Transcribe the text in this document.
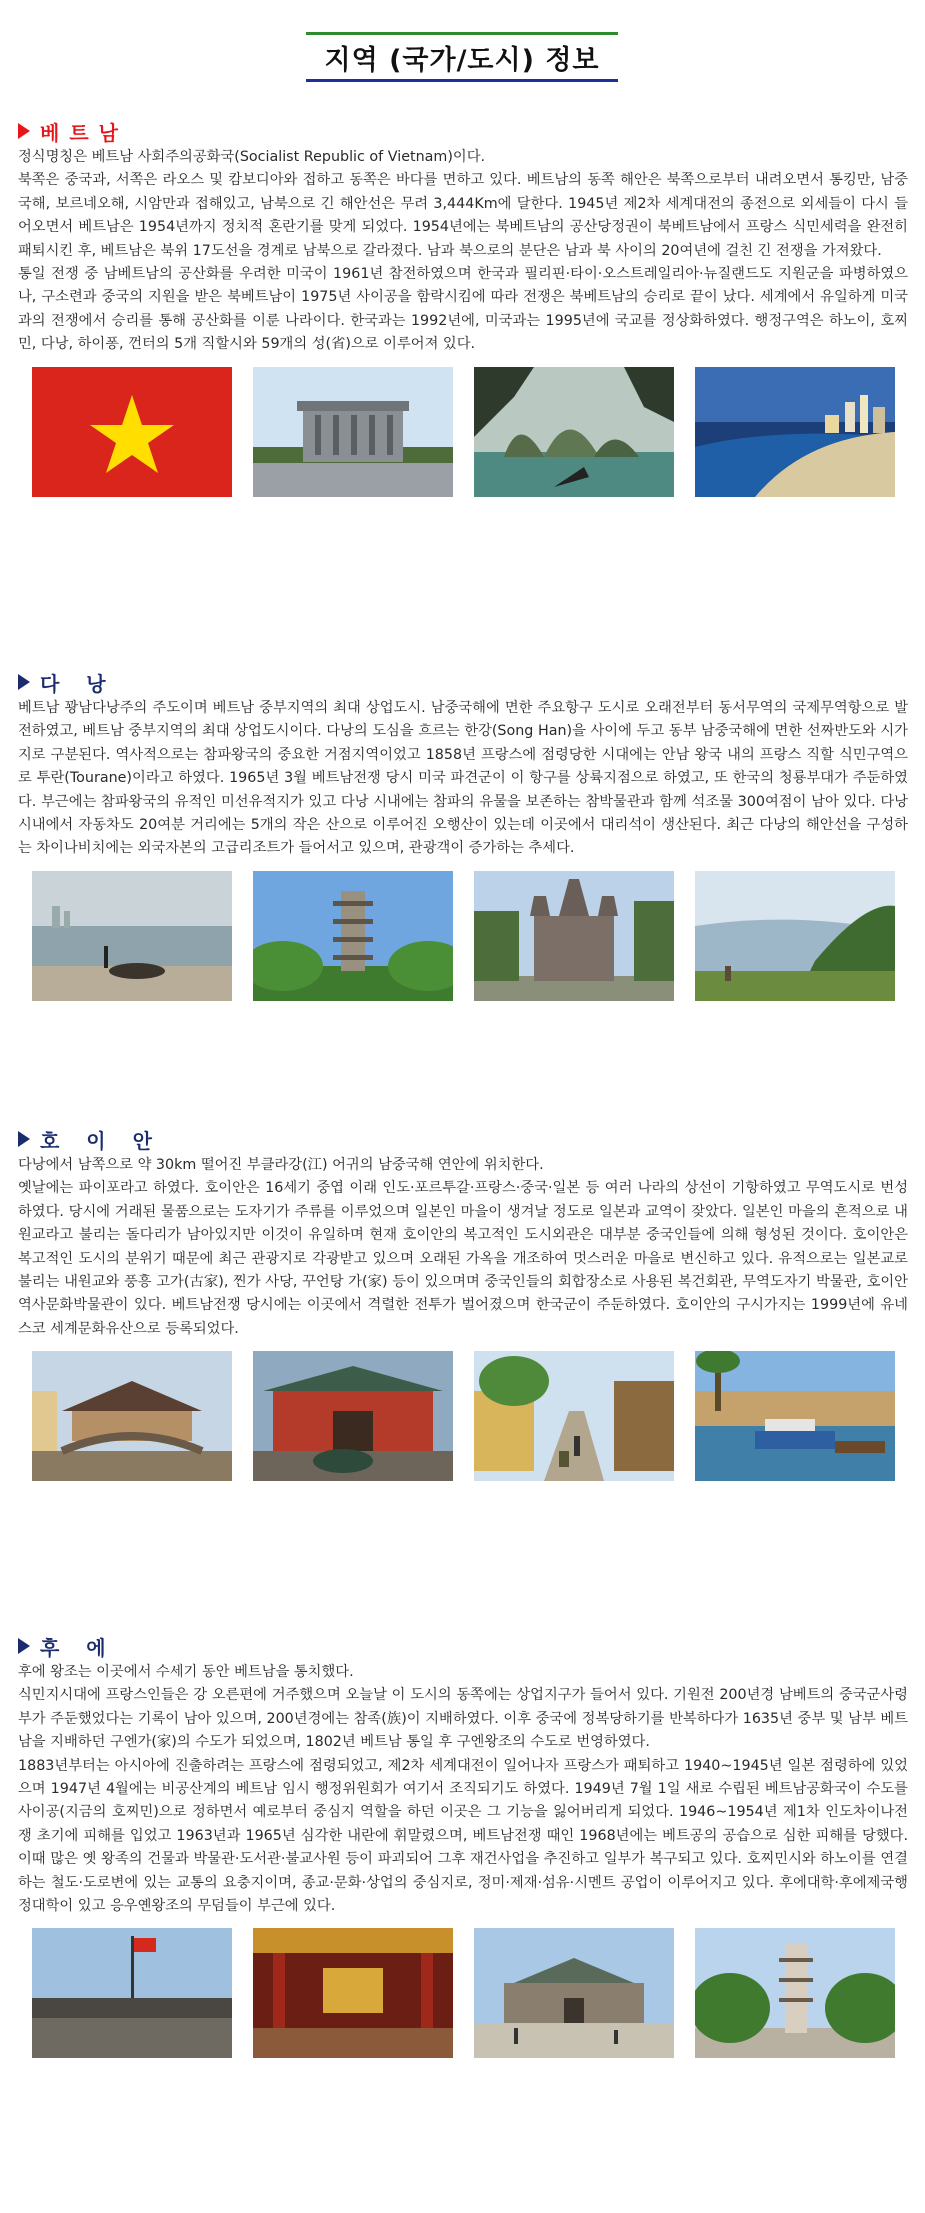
지역 (국가/도시) 정보
베트남

정식명칭은 베트남 사회주의공화국(Socialist Republic of Vietnam)이다.

북쪽은 중국과, 서쪽은 라오스 및 캄보디아와 접하고 동쪽은 바다를 면하고 있다. 베트남의 동쪽 해안은 북쪽으로부터 내려오면서 통킹만, 남중국해, 보르네오해, 시암만과 접해있고, 남북으로 긴 해안선은 무려 3,444Km에 달한다. 1945년 제2차 세계대전의 종전으로 외세들이 다시 들어오면서 베트남은 1954년까지 정치적 혼란기를 맞게 되었다. 1954년에는 북베트남의 공산당정권이 북베트남에서 프랑스 식민세력을 완전히 패퇴시킨 후, 베트남은 북위 17도선을 경계로 남북으로 갈라졌다. 남과 북으로의 분단은 남과 북 사이의 20여년에 걸친 긴 전쟁을 가져왔다.

통일 전쟁 중 남베트남의 공산화를 우려한 미국이 1961년 참전하였으며 한국과 필리핀·타이·오스트레일리아·뉴질랜드도 지원군을 파병하였으나, 구소련과 중국의 지원을 받은 북베트남이 1975년 사이공을 함락시킴에 따라 전쟁은 북베트남의 승리로 끝이 났다. 세계에서 유일하게 미국과의 전쟁에서 승리를 통해 공산화를 이룬 나라이다. 한국과는 1992년에, 미국과는 1995년에 국교를 정상화하였다. 행정구역은 하노이, 호찌민, 다낭, 하이퐁, 껀터의 5개 직할시와 59개의 성(省)으로 이루어져 있다.

다 낭

베트남 꽝남다낭주의 주도이며 베트남 중부지역의 최대 상업도시. 남중국해에 면한 주요항구 도시로 오래전부터 동서무역의 국제무역항으로 발전하였고, 베트남 중부지역의 최대 상업도시이다. 다낭의 도심을 흐르는 한강(Song Han)을 사이에 두고 동부 남중국해에 면한 선짜반도와 시가지로 구분된다. 역사적으로는 참파왕국의 중요한 거점지역이었고 1858년 프랑스에 점령당한 시대에는 안남 왕국 내의 프랑스 직할 식민구역으로 투란(Tourane)이라고 하였다. 1965년 3월 베트남전쟁 당시 미국 파견군이 이 항구를 상륙지점으로 하였고, 또 한국의 청룡부대가 주둔하였다. 부근에는 참파왕국의 유적인 미선유적지가 있고 다낭 시내에는 참파의 유물을 보존하는 참박물관과 함께 석조물 300여점이 남아 있다. 다낭 시내에서 자동차도 20여분 거리에는 5개의 작은 산으로 이루어진 오행산이 있는데 이곳에서 대리석이 생산된다. 최근 다낭의 해안선을 구성하는 차이나비치에는 외국자본의 고급리조트가 들어서고 있으며, 관광객이 증가하는 추세다.

호 이 안

다낭에서 남쪽으로 약 30km 떨어진 부클라강(江) 어귀의 남중국해 연안에 위치한다.

옛날에는 파이포라고 하였다. 호이안은 16세기 중엽 이래 인도·포르투갈·프랑스·중국·일본 등 여러 나라의 상선이 기항하였고 무역도시로 번성하였다. 당시에 거래된 물품으로는 도자기가 주류를 이루었으며 일본인 마을이 생겨날 정도로 일본과 교역이 잦았다. 일본인 마을의 흔적으로 내원교라고 불리는 돌다리가 남아있지만 이것이 유일하며 현재 호이안의 복고적인 도시외관은 대부분 중국인들에 의해 형성된 것이다. 호이안은 복고적인 도시의 분위기 때문에 최근 관광지로 각광받고 있으며 오래된 가옥을 개조하여 멋스러운 마을로 변신하고 있다. 유적으로는 일본교로 불리는 내원교와 풍흥 고가(古家), 찐가 사당, 꾸언탕 가(家) 등이 있으며며 중국인들의 회합장소로 사용된 복건회관, 무역도자기 박물관, 호이안 역사문화박물관이 있다. 베트남전쟁 당시에는 이곳에서 격렬한 전투가 벌어졌으며 한국군이 주둔하였다. 호이안의 구시가지는 1999년에 유네스코 세계문화유산으로 등록되었다.

후 에

후에 왕조는 이곳에서 수세기 동안 베트남을 통치했다.

식민지시대에 프랑스인들은 강 오른편에 거주했으며 오늘날 이 도시의 동쪽에는 상업지구가 들어서 있다. 기원전 200년경 남베트의 중국군사령부가 주둔했었다는 기록이 남아 있으며, 200년경에는 참족(族)이 지배하였다. 이후 중국에 정복당하기를 반복하다가 1635년 중부 및 남부 베트남을 지배하던 구엔가(家)의 수도가 되었으며, 1802년 베트남 통일 후 구엔왕조의 수도로 번영하였다.

1883년부터는 아시아에 진출하려는 프랑스에 점령되었고, 제2차 세계대전이 일어나자 프랑스가 패퇴하고 1940∼1945년 일본 점령하에 있었으며 1947년 4월에는 비공산계의 베트남 임시 행정위원회가 여기서 조직되기도 하였다. 1949년 7월 1일 새로 수립된 베트남공화국이 수도를 사이공(지금의 호찌민)으로 정하면서 예로부터 중심지 역할을 하던 이곳은 그 기능을 잃어버리게 되었다. 1946∼1954년 제1차 인도차이나전쟁 초기에 피해를 입었고 1963년과 1965년 심각한 내란에 휘말렸으며, 베트남전쟁 때인 1968년에는 베트공의 공습으로 심한 피해를 당했다. 이때 많은 옛 왕족의 건물과 박물관·도서관·불교사원 등이 파괴되어 그후 재건사업을 추진하고 일부가 복구되고 있다. 호찌민시와 하노이를 연결하는 철도·도로변에 있는 교통의 요충지이며, 종교·문화·상업의 중심지로, 정미·제재·섬유·시멘트 공업이 이루어지고 있다. 후에대학·후에제국행정대학이 있고 응우옌왕조의 무덤들이 부근에 있다.
